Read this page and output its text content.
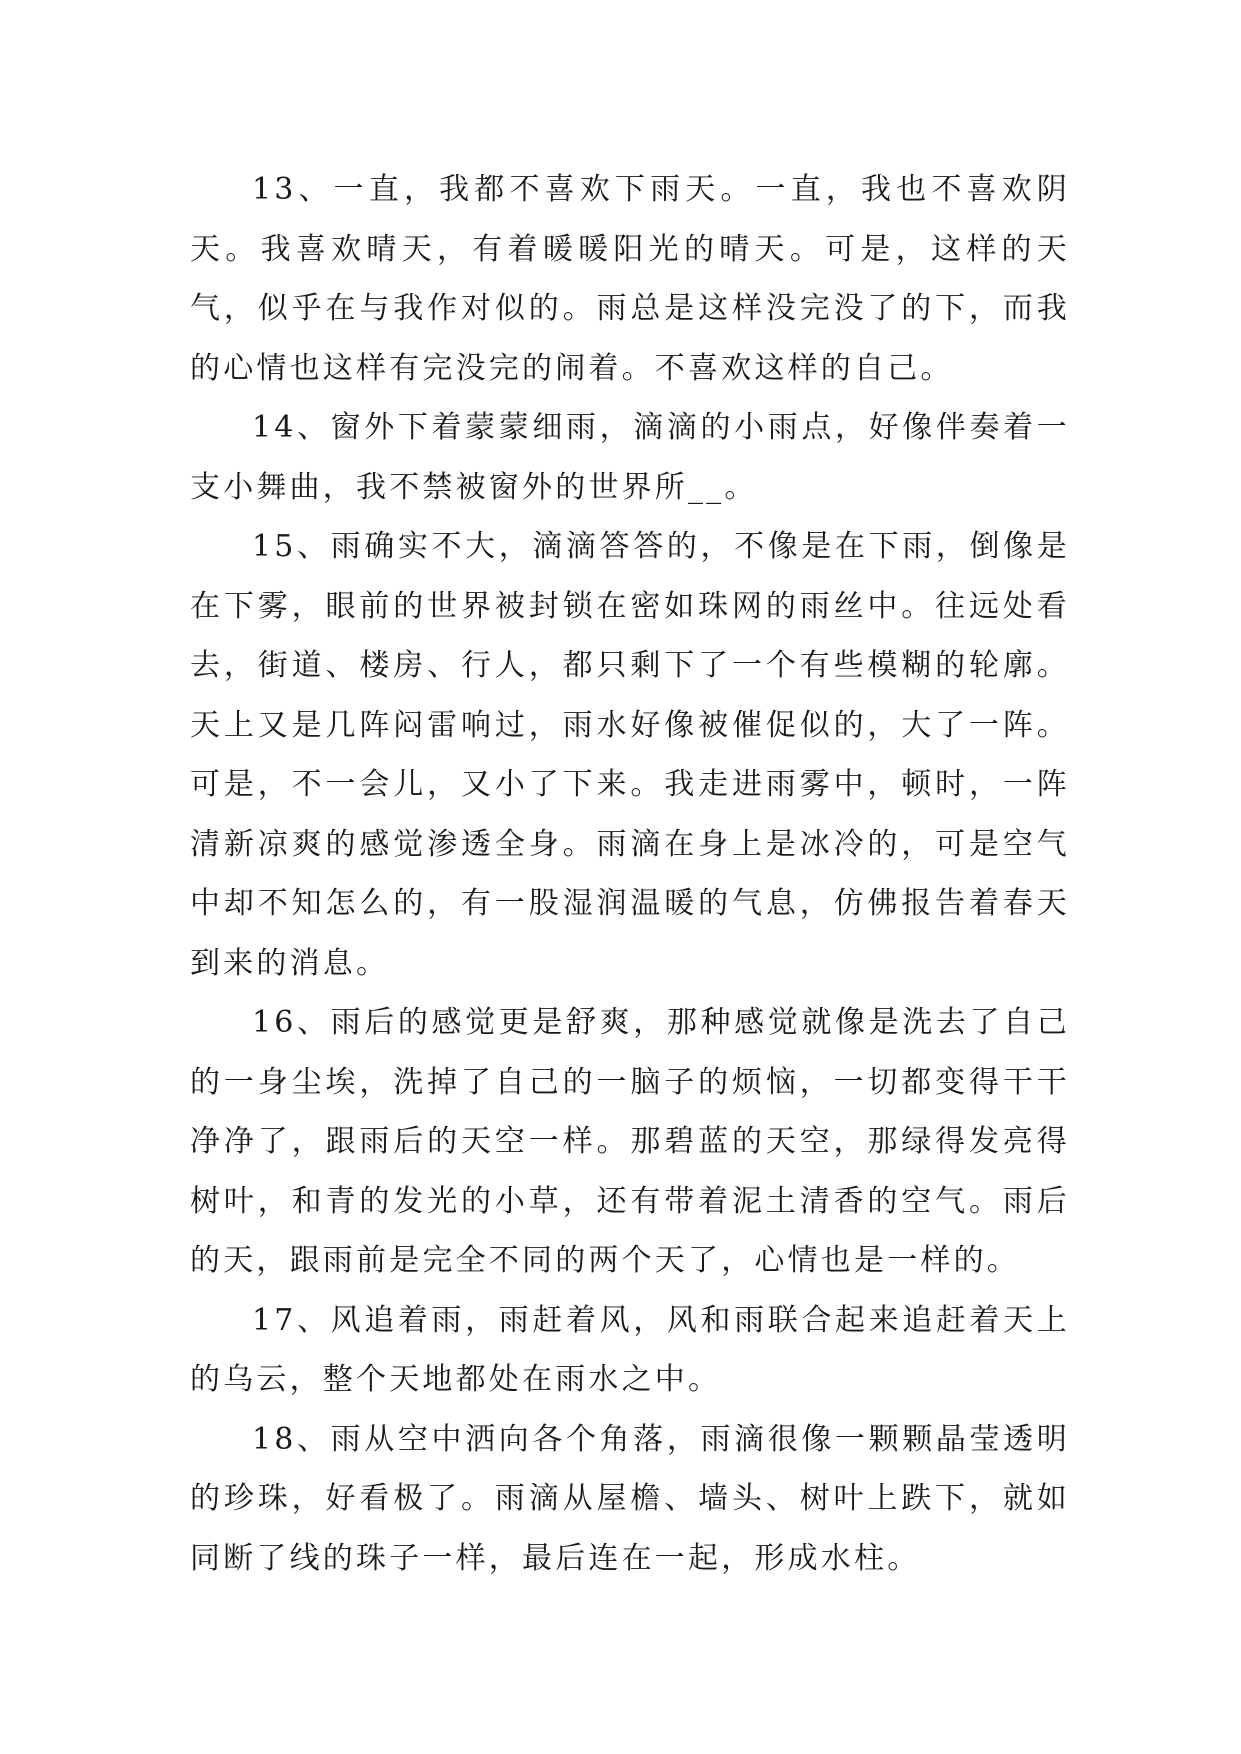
13、一直，我都不喜欢下雨天。一直，我也不喜欢阴天。我喜欢晴天，有着暖暖阳光的晴天。可是，这样的天气，似乎在与我作对似的。雨总是这样没完没了的下，而我的心情也这样有完没完的闹着。不喜欢这样的自己。

14、窗外下着蒙蒙细雨，滴滴的小雨点，好像伴奏着一支小舞曲，我不禁被窗外的世界所__。

15、雨确实不大，滴滴答答的，不像是在下雨，倒像是在下雾，眼前的世界被封锁在密如珠网的雨丝中。往远处看去，街道、楼房、行人，都只剩下了一个有些模糊的轮廓。天上又是几阵闷雷响过，雨水好像被催促似的，大了一阵。可是，不一会儿，又小了下来。我走进雨雾中，顿时，一阵清新凉爽的感觉渗透全身。雨滴在身上是冰冷的，可是空气中却不知怎么的，有一股湿润温暖的气息，仿佛报告着春天到来的消息。

16、雨后的感觉更是舒爽，那种感觉就像是洗去了自己的一身尘埃，洗掉了自己的一脑子的烦恼，一切都变得干干净净了，跟雨后的天空一样。那碧蓝的天空，那绿得发亮得树叶，和青的发光的小草，还有带着泥土清香的空气。雨后的天，跟雨前是完全不同的两个天了，心情也是一样的。

17、风追着雨，雨赶着风，风和雨联合起来追赶着天上的乌云，整个天地都处在雨水之中。

18、雨从空中洒向各个角落，雨滴很像一颗颗晶莹透明的珍珠，好看极了。雨滴从屋檐、墙头、树叶上跌下，就如同断了线的珠子一样，最后连在一起，形成水柱。
